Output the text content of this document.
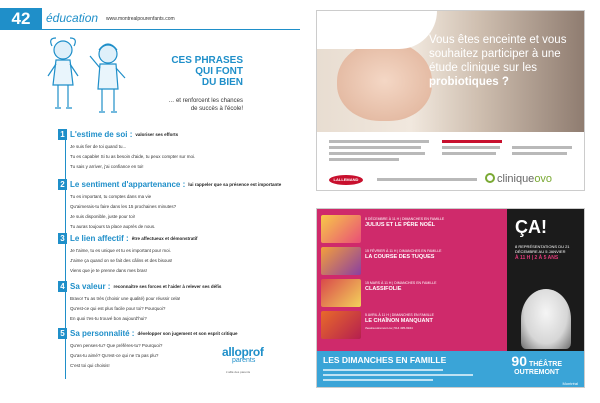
42	éducation www.montrealpourenfants.com
CES PHRASES
QUI FONT
DU BIEN
… et renforcent les chances
de succès à l'école!
1 L'estime de soi : valoriser ses efforts
Je suis fier de toi quand tu...
Tu es capable! Si tu as besoin d'aide, tu peux compter sur moi.
Tu sais y arriver, j'ai confiance en toi!
2 Le sentiment d'appartenance : lui rappeler que sa présence est importante
Tu es important, tu comptes dans ma vie
Qu'aimerais-tu faire dans les 15 prochaines minutes?
Je suis disponible, juste pour toi!
Tu auras toujours ta place auprès de nous.
3 Le lien affectif : être affectueux et démonstratif
Je t'aime, tu es unique et tu es important pour moi.
J'aime ça quand on se fait des câlins et des bisous!
Viens que je te prenne dans mes bras!
4 Sa valeur : reconnaître ses forces et l'aider à relever ses défis
Bravo! Tu as très (choisir une qualité) pour réussir cela!
Qu'est-ce qui est plus facile pour toi? Pourquoi?
En quoi t'es-tu trouvé bon aujourd'hui?
5 Sa personnalité : développer son jugement et son esprit critique
Qu'en penses-tu? Que préfères-tu? Pourquoi?
Qu'as-tu aimé? Qu'est-ce qui ne t'a pas plu?
C'est toi qui choisis!
alloprof
parents
L'allié des parents
Vous êtes enceinte et vous souhaitez participer à une étude clinique sur les probiotiques ?
LALLEMAND	cliniqueovo
8 DÉCEMBRE À 11 H | DIMANCHES EN FAMILLE
JULIUS ET LE PÈRE NOËL
15 FÉVRIER À 11 H | DIMANCHES EN FAMILLE
LA COURSE DES TUQUES
15 MARS À 11 H | DIMANCHES EN FAMILLE
CLASSIFOLIE
5 AVRIL À 11 H | DIMANCHES EN FAMILLE
LE CHAÎNON MANQUANT
theatreoutremont.ca | 514 495-9944
ÇA!
8 REPRÉSENTATIONS DU 21 DÉCEMBRE AU 5 JANVIER
À 11 H | 2 À 5 ANS
LES DIMANCHES EN FAMILLE	90 THÉÂTRE
OUTREMONT
Montréal
